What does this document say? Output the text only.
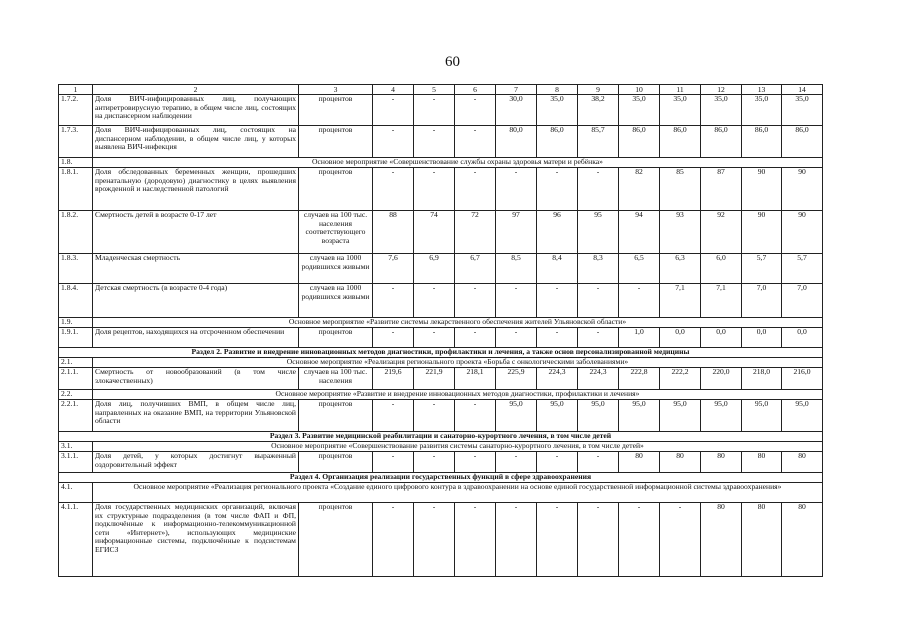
60
1	2	3	4	5	6	7	8	9	10	11	12	13	14
1.7.2.	Доля ВИЧ-инфицированных лиц, получающих антиретровирусную терапию, в общем числе лиц, состоящих на диспансерном наблюдении	процентов	-	-	-	30,0	35,0	38,2	35,0	35,0	35,0	35,0	35,0
1.7.3.	Доля ВИЧ-инфицированных лиц, состоящих на диспансерном наблюдении, в общем числе лиц, у которых выявлена ВИЧ-инфекция	процентов	-	-	-	80,0	86,0	85,7	86,0	86,0	86,0	86,0	86,0
1.8.	Основное мероприятие «Совершенствование службы охраны здоровья матери и ребёнка»												
1.8.1.	Доля обследованных беременных женщин, прошедших пренатальную (дородовую) диагностику в целях выявления врожденной и наследственной патологий	процентов	-	-	-	-	-	-	82	85	87	90	90
1.8.2.	Смертность детей в возрасте 0-17 лет	случаев на 100 тыс. населения соответствующего возраста	88	74	72	97	96	95	94	93	92	90	90
1.8.3.	Младенческая смертность	случаев на 1000 родившихся живыми	7,6	6,9	6,7	8,5	8,4	8,3	6,5	6,3	6,0	5,7	5,7
1.8.4.	Детская смертность (в возрасте 0-4 года)	случаев на 1000 родившихся живыми	-	-	-	-	-	-	-	7,1	7,1	7,0	7,0
1.9.	Основное мероприятие «Развитие системы лекарственного обеспечения жителей Ульяновской области»												
1.9.1.	Доля рецептов, находящихся на отсроченном обеспечении	процентов	-	-	-	-	-	-	1,0	0,0	0,0	0,0	0,0
Раздел 2. Развитие и внедрение инновационных методов диагностики, профилактики и лечения, а также основ персонализированной медицины													
2.1.	Основное мероприятие «Реализация регионального проекта «Борьба с онкологическими заболеваниями»												
2.1.1.	Смертность от новообразований (в том числе злокачественных)	случаев на 100 тыс. населения	219,6	221,9	218,1	225,9	224,3	224,3	222,8	222,2	220,0	218,0	216,0
2.2.	Основное мероприятие «Развитие и внедрение инновационных методов диагностики, профилактики и лечения»												
2.2.1.	Доля лиц, получивших ВМП, в общем числе лиц, направленных на оказание ВМП, на территории Ульяновской области	процентов	-	-	-	95,0	95,0	95,0	95,0	95,0	95,0	95,0	95,0
Раздел 3. Развитие медицинской реабилитации и санаторно-курортного лечения, в том числе детей													
3.1.	Основное мероприятие «Совершенствование развития системы санаторно-курортного лечения, в том числе детей»												
3.1.1.	Доля детей, у которых достигнут выраженный оздоровительный эффект	процентов	-	-	-	-	-	-	80	80	80	80	80
Раздел 4. Организация реализации государственных функций в сфере здравоохранения													
4.1.	Основное мероприятие «Реализация регионального проекта «Создание единого цифрового контура в здравоохранении на основе единой государственной информационной системы здравоохранения»												
4.1.1.	Доля государственных медицинских организаций, включая их структурные подразделения (в том числе ФАП и ФП, подключённые к информационно-телекоммуникационной сети «Интернет»), использующих медицинские информационные системы, подключённые к подсистемам ЕГИСЗ	процентов	-	-	-	-	-	-	-	-	80	80	80
